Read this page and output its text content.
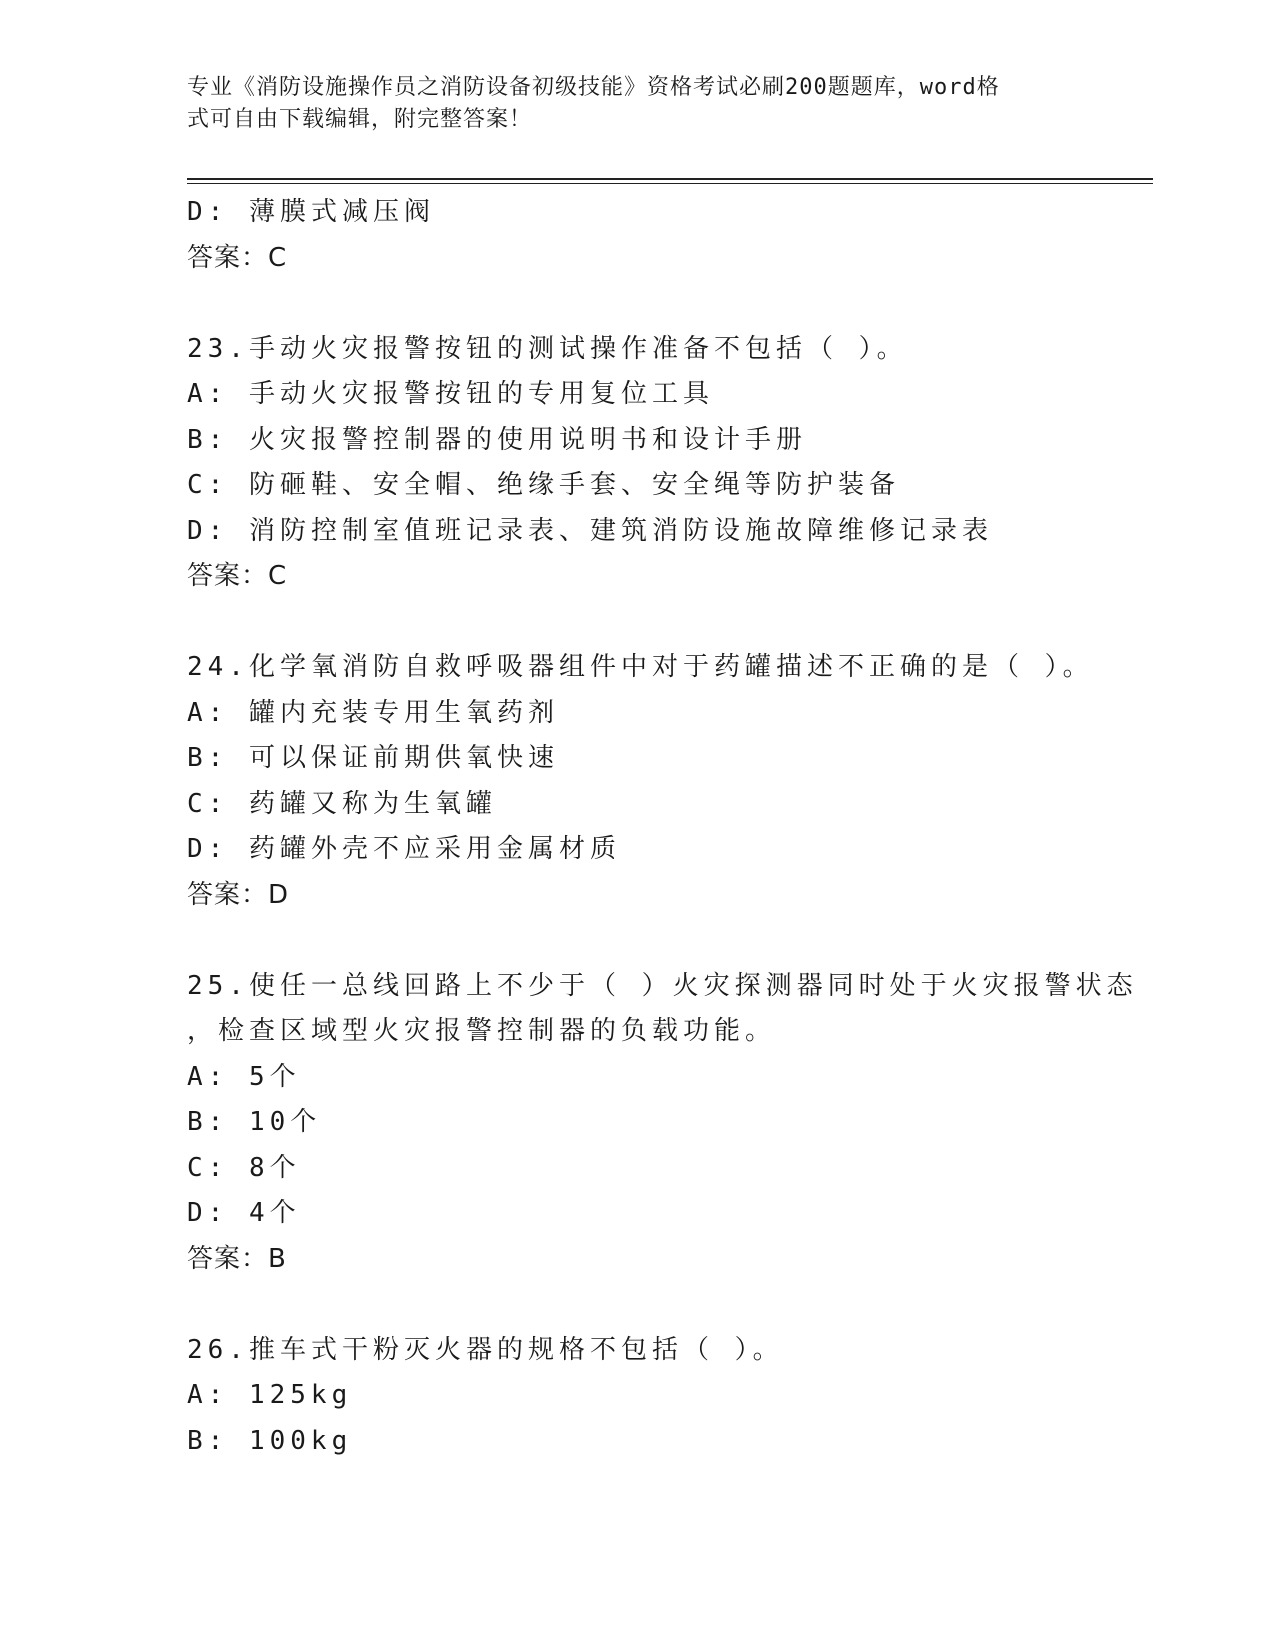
专业《消防设施操作员之消防设备初级技能》资格考试必刷200题题库，word格
式可自由下载编辑，附完整答案！
D: 薄膜式减压阀
答案：C
23.手动火灾报警按钮的测试操作准备不包括（ ）。
A: 手动火灾报警按钮的专用复位工具
B: 火灾报警控制器的使用说明书和设计手册
C: 防砸鞋、安全帽、绝缘手套、安全绳等防护装备
D: 消防控制室值班记录表、建筑消防设施故障维修记录表
答案：C
24.化学氧消防自救呼吸器组件中对于药罐描述不正确的是（ ）。
A: 罐内充装专用生氧药剂
B: 可以保证前期供氧快速
C: 药罐又称为生氧罐
D: 药罐外壳不应采用金属材质
答案：D
25.使任一总线回路上不少于（ ）火灾探测器同时处于火灾报警状态
，检查区域型火灾报警控制器的负载功能。
A: 5个
B: 10个
C: 8个
D: 4个
答案：B
26.推车式干粉灭火器的规格不包括（ ）。
A: 125kg
B: 100kg
